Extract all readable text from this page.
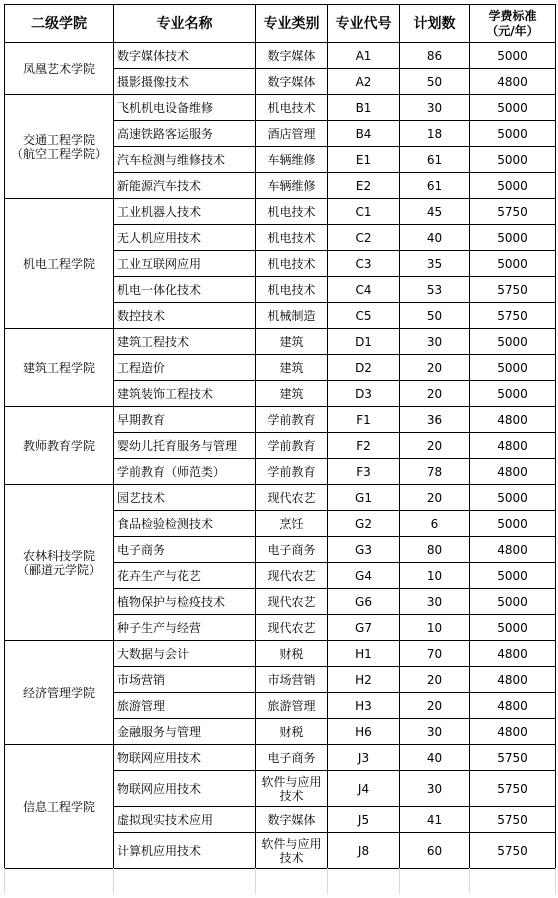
二级学院	专业名称	专业类别	专业代号	计划数	学费标准
（元/年）
凤凰艺术学院	数字媒体技术	数字媒体	A1	86	5000
	摄影摄像技术	数字媒体	A2	50	4800
交通工程学院
（航空工程学院）	飞机机电设备维修	机电技术	B1	30	5000
	高速铁路客运服务	酒店管理	B4	18	5000
	汽车检测与维修技术	车辆维修	E1	61	5000
	新能源汽车技术	车辆维修	E2	61	5000
机电工程学院	工业机器人技术	机电技术	C1	45	5750
	无人机应用技术	机电技术	C2	40	5000
	工业互联网应用	机电技术	C3	35	5000
	机电一体化技术	机电技术	C4	53	5750
	数控技术	机械制造	C5	50	5750
建筑工程学院	建筑工程技术	建筑	D1	30	5000
	工程造价	建筑	D2	20	5000
	建筑装饰工程技术	建筑	D3	20	5000
教师教育学院	早期教育	学前教育	F1	36	4800
	婴幼儿托育服务与管理	学前教育	F2	20	4800
	学前教育（师范类）	学前教育	F3	78	4800
农林科技学院
（郦道元学院）	园艺技术	现代农艺	G1	20	5000
	食品检验检测技术	烹饪	G2	6	5000
	电子商务	电子商务	G3	80	4800
	花卉生产与花艺	现代农艺	G4	10	5000
	植物保护与检疫技术	现代农艺	G6	30	5000
	种子生产与经营	现代农艺	G7	10	5000
经济管理学院	大数据与会计	财税	H1	70	4800
	市场营销	市场营销	H2	20	4800
	旅游管理	旅游管理	H3	20	4800
	金融服务与管理	财税	H6	30	4800
信息工程学院	物联网应用技术	电子商务	J3	40	5750
	物联网应用技术	软件与应用
技术	J4	30	5750
	虚拟现实技术应用	数字媒体	J5	41	5750
	计算机应用技术	软件与应用
技术	J8	60	5750
